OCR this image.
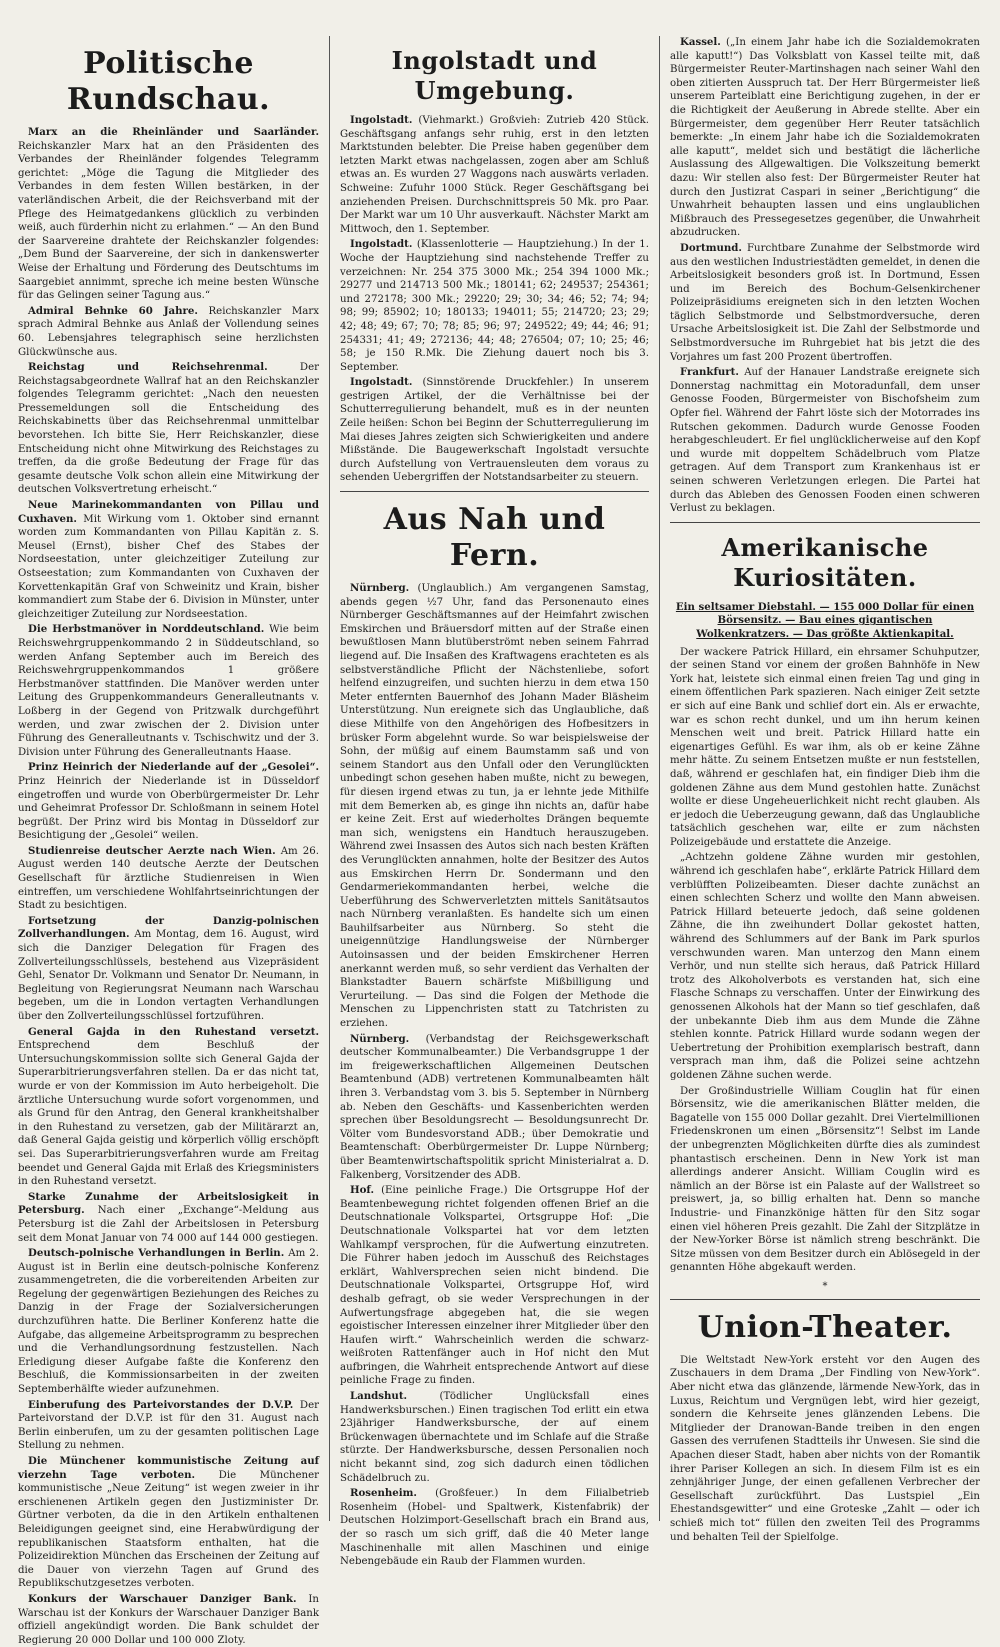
Politische Rundschau.

Marx an die Rheinländer und Saarländer. Reichskanzler Marx hat an den Präsidenten des Verbandes der Rheinländer folgendes Telegramm gerichtet: „Möge die Tagung die Mitglieder des Verbandes in dem festen Willen bestärken, in der vaterländischen Arbeit, die der Reichsverband mit der Pflege des Heimatgedankens glücklich zu verbinden weiß, auch fürderhin nicht zu erlahmen.“ — An den Bund der Saarvereine drahtete der Reichskanzler folgendes: „Dem Bund der Saarvereine, der sich in dankenswerter Weise der Erhaltung und Förderung des Deutschtums im Saargebiet annimmt, spreche ich meine besten Wünsche für das Gelingen seiner Tagung aus.“

Admiral Behnke 60 Jahre. Reichskanzler Marx sprach Admiral Behnke aus Anlaß der Vollendung seines 60. Lebensjahres telegraphisch seine herzlichsten Glückwünsche aus.

Reichstag und Reichsehrenmal.	Der Reichstagsabgeordnete Wallraf hat an den Reichskanzler folgendes Telegramm gerichtet: „Nach den neuesten Pressemeldungen soll die Entscheidung des Reichskabinetts über das Reichsehrenmal unmittelbar bevorstehen. Ich bitte Sie, Herr Reichskanzler, diese Entscheidung nicht ohne Mitwirkung des Reichstages zu treffen, da die große Bedeutung der Frage für das gesamte deutsche Volk schon allein eine Mitwirkung der deutschen Volksvertretung erheischt.“

Neue Marinekommandanten von Pillau und Cuxhaven. Mit Wirkung vom 1. Oktober sind ernannt worden zum Kommandanten von Pillau Kapitän z. S. Meusel (Ernst), bisher Chef des Stabes der Nordseestation, unter gleichzeitiger Zuteilung zur Ostseestation; zum Kommandanten von Cuxhaven der Korvettenkapitän Graf von Schweinitz und Krain, bisher kommandiert zum Stabe der 6. Division in Münster, unter gleichzeitiger Zuteilung zur Nordseestation.

Die Herbstmanöver in Norddeutschland. Wie beim Reichswehrgruppenkommando 2 in Süddeutschland, so werden Anfang September auch im Bereich des Reichswehrgruppenkommandos 1 größere Herbstmanöver stattfinden. Die Manöver werden unter Leitung des Gruppenkommandeurs Generalleutnants v. Loßberg in der Gegend von Pritzwalk durchgeführt werden, und zwar zwischen der 2. Division unter Führung des Generalleutnants v. Tschischwitz und der 3. Division unter Führung des Generalleutnants Haase.

Prinz Heinrich der Niederlande auf der „Gesolei“. Prinz Heinrich der Niederlande ist in Düsseldorf eingetroffen und wurde von Oberbürgermeister Dr. Lehr und Geheimrat Professor Dr. Schloßmann in seinem Hotel begrüßt. Der Prinz wird bis Montag in Düsseldorf zur Besichtigung der „Gesolei“ weilen.

Studienreise deutscher Aerzte nach Wien. Am 26. August werden 140 deutsche Aerzte der Deutschen Gesellschaft für ärztliche Studienreisen in Wien eintreffen, um verschiedene Wohlfahrtseinrichtungen der Stadt zu besichtigen.

Fortsetzung der Danzig-polnischen Zollverhandlungen. Am Montag, dem 16. August, wird sich die Danziger Delegation für Fragen des Zollverteilungsschlüssels, bestehend aus Vizepräsident Gehl, Senator Dr. Volkmann und Senator Dr. Neumann, in Begleitung von Regierungsrat Neumann nach Warschau begeben, um die in London vertagten Verhandlungen über den Zollverteilungsschlüssel fortzuführen.

General Gajda in den Ruhestand versetzt. Entsprechend dem Beschluß der Untersuchungskommission sollte sich General Gajda der Superarbitrierungsverfahren stellen. Da er das nicht tat, wurde er von der Kommission im Auto herbeigeholt. Die ärztliche Untersuchung wurde sofort vorgenommen, und als Grund für den Antrag, den General krankheitshalber in den Ruhestand zu versetzen, gab der Militärarzt an, daß General Gajda geistig und körperlich völlig erschöpft sei. Das Superarbitrierungsverfahren wurde am Freitag beendet und General Gajda mit Erlaß des Kriegsministers in den Ruhestand versetzt.

Starke Zunahme der Arbeitslosigkeit in Petersburg. Nach einer „Exchange“-Meldung aus Petersburg ist die Zahl der Arbeitslosen in Petersburg seit dem Monat Januar von 74 000 auf 144 000 gestiegen.

Deutsch-polnische Verhandlungen in Berlin. Am 2. August ist in Berlin eine deutsch-polnische Konferenz zusammengetreten, die die vorbereitenden Arbeiten zur Regelung der gegenwärtigen Beziehungen des Reiches zu Danzig in der Frage der Sozialversicherungen durchzuführen hatte. Die Berliner Konferenz hatte die Aufgabe, das allgemeine Arbeitsprogramm zu besprechen und die Verhandlungsordnung festzustellen. Nach Erledigung dieser Aufgabe faßte die Konferenz den Beschluß, die Kommissionsarbeiten in der zweiten Septemberhälfte wieder aufzunehmen.

Einberufung des Parteivorstandes der D.V.P. Der Parteivorstand der D.V.P. ist für den 31. August nach Berlin einberufen, um zu der gesamten politischen Lage Stellung zu nehmen.

Die Münchener kommunistische Zeitung auf vierzehn Tage verboten. Die Münchener kommunistische „Neue Zeitung“ ist wegen zweier in ihr erschienenen Artikeln gegen den Justizminister Dr. Gürtner verboten, da die in den Artikeln enthaltenen Beleidigungen geeignet sind, eine Herabwürdigung der republikanischen Staatsform enthalten, hat die Polizeidirektion München das Erscheinen der Zeitung auf die Dauer von vierzehn Tagen auf Grund des Republikschutzgesetzes verboten.

Konkurs der Warschauer Danziger Bank. In Warschau ist der Konkurs der Warschauer Danziger Bank offiziell angekündigt worden. Die Bank schuldet der Regierung 20 000 Dollar und 100 000 Zloty.

Ingolstadt und Umgebung.

Ingolstadt. (Viehmarkt.) Großvieh: Zutrieb 420 Stück. Geschäftsgang anfangs sehr ruhig, erst in den letzten Marktstunden belebter. Die Preise haben gegenüber dem letzten Markt etwas nachgelassen, zogen aber am Schluß etwas an. Es wurden 27 Waggons nach auswärts verladen. Schweine: Zufuhr 1000 Stück. Reger Geschäftsgang bei anziehenden Preisen. Durchschnittspreis 50 Mk. pro Paar. Der Markt war um 10 Uhr ausverkauft. Nächster Markt am Mittwoch, den 1. September.

Ingolstadt. (Klassenlotterie — Hauptziehung.) In der 1. Woche der Hauptziehung sind nachstehende Treffer zu verzeichnen: Nr. 254 375 3000 Mk.; 254 394 1000 Mk.; 29277 und 214713 500 Mk.; 180141; 62; 249537; 254361; und 272178; 300 Mk.; 29220; 29; 30; 34; 46; 52; 74; 94; 98; 99; 85902; 10; 180133; 194011; 55; 214720; 23; 29; 42; 48; 49; 67; 70; 78; 85; 96; 97; 249522; 49; 44; 46; 91; 254331; 41; 49; 272136; 44; 48; 276504; 07; 10; 25; 46; 58; je 150 R.Mk. Die Ziehung dauert noch bis 3. September.

Ingolstadt. (Sinnstörende Druckfehler.) In unserem gestrigen Artikel, der die Verhältnisse bei der Schutterregulierung behandelt, muß es in der neunten Zeile heißen: Schon bei Beginn der Schutterregulierung im Mai dieses Jahres zeigten sich Schwierigkeiten und andere Mißstände. Die Baugewerkschaft Ingolstadt versuchte durch Aufstellung von Vertrauensleuten dem voraus zu sehenden Uebergriffen der Notstandsarbeiter zu steuern.

Aus Nah und Fern.

Nürnberg. (Unglaublich.) Am vergangenen Samstag, abends gegen ½7 Uhr, fand das Personenauto eines Nürnberger Geschäftsmannes auf der Heimfahrt zwischen Emskirchen und Bräuersdorf mitten auf der Straße einen bewußtlosen Mann blutüberströmt neben seinem Fahrrad liegend auf. Die Insaßen des Kraftwagens erachteten es als selbstverständliche Pflicht der Nächstenliebe, sofort helfend einzugreifen, und suchten hierzu in dem etwa 150 Meter entfernten Bauernhof des Johann Mader Bläsheim Unterstützung. Nun ereignete sich das Unglaubliche, daß diese Mithilfe von den Angehörigen des Hofbesitzers in brüsker Form abgelehnt wurde. So war beispielsweise der Sohn, der müßig auf einem Baumstamm saß und von seinem Standort aus den Unfall oder den Verunglückten unbedingt schon gesehen haben mußte, nicht zu bewegen, für diesen irgend etwas zu tun, ja er lehnte jede Mithilfe mit dem Bemerken ab, es ginge ihn nichts an, dafür habe er keine Zeit. Erst auf wiederholtes Drängen bequemte man sich, wenigstens ein Handtuch herauszugeben. Während zwei Insassen des Autos sich nach besten Kräften des Verunglückten annahmen, holte der Besitzer des Autos aus Emskirchen Herrn Dr. Sondermann und den Gendarmeriekommandanten herbei, welche die Ueberführung des Schwerverletzten mittels Sanitätsautos nach Nürnberg veranlaßten. Es handelte sich um einen Bauhilfsarbeiter aus Nürnberg. So steht die uneigennützige Handlungsweise der Nürnberger Autoinsassen und der beiden Emskirchener Herren anerkannt werden muß, so sehr verdient das Verhalten der Blankstadter Bauern schärfste Mißbilligung und Verurteilung. — Das sind die Folgen der Methode die Menschen zu Lippenchristen statt zu Tatchristen zu erziehen.

Nürnberg. (Verbandstag der Reichsgewerkschaft deutscher Kommunalbeamter.) Die Verbandsgruppe 1 der im freigewerkschaftlichen Allgemeinen Deutschen Beamtenbund (ADB) vertretenen Kommunalbeamten hält ihren 3. Verbandstag vom 3. bis 5. September in Nürnberg ab. Neben den Geschäfts- und Kassenberichten werden sprechen über Besoldungsrecht — Besoldungsunrecht Dr. Völter vom Bundesvorstand ADB.; über Demokratie und Beamtenschaft: Oberbürgermeister Dr. Luppe Nürnberg; über Beamtenwirtschaftspolitik spricht Ministerialrat a. D. Falkenberg, Vorsitzender des ADB.

Hof. (Eine peinliche Frage.) Die Ortsgruppe Hof der Beamtenbewegung richtet folgenden offenen Brief an die Deutschnationale Volkspartei, Ortsgruppe Hof: „Die Deutschnationale Volkspartei hat vor dem letzten Wahlkampf versprochen, für die Aufwertung einzutreten. Die Führer haben jedoch im Ausschuß des Reichstages erklärt, Wahlversprechen seien nicht bindend. Die Deutschnationale Volkspartei, Ortsgruppe Hof, wird deshalb gefragt, ob sie weder Versprechungen in der Aufwertungsfrage abgegeben hat, die sie wegen egoistischer Interessen einzelner ihrer Mitglieder über den Haufen wirft.“ Wahrscheinlich werden die schwarz-weißroten Rattenfänger auch in Hof nicht den Mut aufbringen, die Wahrheit entsprechende Antwort auf diese peinliche Frage zu finden.

Landshut.	(Tödlicher Unglücksfall eines Handwerksburschen.) Einen tragischen Tod erlitt ein etwa 23jähriger Handwerksbursche, der auf einem Brückenwagen übernachtete und im Schlafe auf die Straße stürzte. Der Handwerksbursche, dessen Personalien noch nicht bekannt sind, zog sich dadurch einen tödlichen Schädelbruch zu.

Rosenheim. (Großfeuer.) In dem Filialbetrieb Rosenheim (Hobel- und Spaltwerk, Kistenfabrik) der Deutschen Holzimport-Gesellschaft brach ein Brand aus, der so rasch um sich griff, daß die 40 Meter lange Maschinenhalle mit allen Maschinen und einige Nebengebäude ein Raub der Flammen wurden.

Kassel. („In einem Jahr habe ich die Sozialdemokraten alle kaputt!“) Das Volksblatt von Kassel teilte mit, daß Bürgermeister Reuter-Martinshagen nach seiner Wahl den oben zitierten Ausspruch tat. Der Herr Bürgermeister ließ unserem Parteiblatt eine Berichtigung zugehen, in der er die Richtigkeit der Aeußerung in Abrede stellte. Aber ein Bürgermeister, dem gegenüber Herr Reuter tatsächlich bemerkte: „In einem Jahr habe ich die Sozialdemokraten alle kaputt“, meldet sich und bestätigt die lächerliche Auslassung des Allgewaltigen. Die Volkszeitung bemerkt dazu: Wir stellen also fest: Der Bürgermeister Reuter hat durch den Justizrat Caspari in seiner „Berichtigung“ die Unwahrheit behaupten lassen und eins unglaublichen Mißbrauch des Pressegesetzes gegenüber, die Unwahrheit abzudrucken.

Dortmund. Furchtbare Zunahme der Selbstmorde wird aus den westlichen Industriestädten gemeldet, in denen die Arbeitslosigkeit besonders groß ist. In Dortmund, Essen und im Bereich des Bochum-Gelsenkirchener Polizeipräsidiums ereigneten sich in den letzten Wochen täglich Selbstmorde und Selbstmordversuche, deren Ursache Arbeitslosigkeit ist. Die Zahl der Selbstmorde und Selbstmordversuche im Ruhrgebiet hat bis jetzt die des Vorjahres um fast 200 Prozent übertroffen.

Frankfurt. Auf der Hanauer Landstraße ereignete sich Donnerstag nachmittag ein Motoradunfall, dem unser Genosse Fooden, Bürgermeister von Bischofsheim zum Opfer fiel. Während der Fahrt löste sich der Motorrades ins Rutschen gekommen. Dadurch wurde Genosse Fooden herabgeschleudert. Er fiel unglücklicherweise auf den Kopf und wurde mit doppeltem Schädelbruch vom Platze getragen. Auf dem Transport zum Krankenhaus ist er seinen schweren Verletzungen erlegen. Die Partei hat durch das Ableben des Genossen Fooden einen schweren Verlust zu beklagen.

Amerikanische Kuriositäten.
Ein seltsamer Diebstahl. — 155 000 Dollar für einen Börsensitz. — Bau eines gigantischen Wolkenkratzers. — Das größte Aktienkapital.

Der wackere Patrick Hillard, ein ehrsamer Schuhputzer, der seinen Stand vor einem der großen Bahnhöfe in New York hat, leistete sich einmal einen freien Tag und ging in einem öffentlichen Park spazieren. Nach einiger Zeit setzte er sich auf eine Bank und schlief dort ein. Als er erwachte, war es schon recht dunkel, und um ihn herum keinen Menschen weit und breit. Patrick Hillard hatte ein eigenartiges Gefühl. Es war ihm, als ob er keine Zähne mehr hätte. Zu seinem Entsetzen mußte er nun feststellen, daß, während er geschlafen hat, ein findiger Dieb ihm die goldenen Zähne aus dem Mund gestohlen hatte. Zunächst wollte er diese Ungeheuerlichkeit nicht recht glauben. Als er jedoch die Ueberzeugung gewann, daß das Unglaubliche tatsächlich geschehen war, eilte er zum nächsten Polizeigebäude und erstattete die Anzeige.

„Achtzehn goldene Zähne wurden mir gestohlen, während ich geschlafen habe“, erklärte Patrick Hillard dem verblüfften Polizeibeamten. Dieser dachte zunächst an einen schlechten Scherz und wollte den Mann abweisen. Patrick Hillard beteuerte jedoch, daß seine goldenen Zähne, die ihn zweihundert Dollar gekostet hatten, während des Schlummers auf der Bank im Park spurlos verschwunden waren. Man unterzog den Mann einem Verhör, und nun stellte sich heraus, daß Patrick Hillard trotz des Alkoholverbots es verstanden hat, sich eine Flasche Schnaps zu verschaffen. Unter der Einwirkung des genossenen Alkohols hat der Mann so tief geschlafen, daß der unbekannte Dieb ihm aus dem Munde die Zähne stehlen konnte. Patrick Hillard wurde sodann wegen der Uebertretung der Prohibition exemplarisch bestraft, dann versprach man ihm, daß die Polizei seine achtzehn goldenen Zähne suchen werde.

Der Großindustrielle William Couglin hat für einen Börsensitz, wie die amerikanischen Blätter melden, die Bagatelle von 155 000 Dollar gezahlt. Drei Viertelmillionen Friedenskronen um einen „Börsensitz“! Selbst im Lande der unbegrenzten Möglichkeiten dürfte dies als zumindest phantastisch erscheinen. Denn in New York ist man allerdings anderer Ansicht. William Couglin wird es nämlich an der Börse ist ein Palaste auf der Wallstreet so preiswert, ja, so billig erhalten hat. Denn so manche Industrie- und Finanzkönige hätten für den Sitz sogar einen viel höheren Preis gezahlt. Die Zahl der Sitzplätze in der New-Yorker Börse ist nämlich streng beschränkt. Die Sitze müssen von dem Besitzer durch ein Ablösegeld in der genannten Höhe abgekauft werden.

*
Union-Theater.

Die Weltstadt New-York ersteht vor den Augen des Zuschauers in dem Drama „Der Findling von New-York“. Aber nicht etwa das glänzende, lärmende New-York, das in Luxus, Reichtum und Vergnügen lebt, wird hier gezeigt, sondern die Kehrseite jenes glänzenden Lebens. Die Mitglieder der Dranowan-Bande treiben in den engen Gassen des verrufenen Stadtteils ihr Unwesen. Sie sind die Apachen dieser Stadt, haben aber nichts von der Romantik ihrer Pariser Kollegen an sich. In diesem Film ist es ein zehnjähriger Junge, der einen gefallenen Verbrecher der Gesellschaft zurückführt. Das Lustspiel „Ein Ehestandsgewitter“ und eine Groteske „Zahlt — oder ich schieß mich tot“ füllen den zweiten Teil des Programms und behalten Teil der Spielfolge.
